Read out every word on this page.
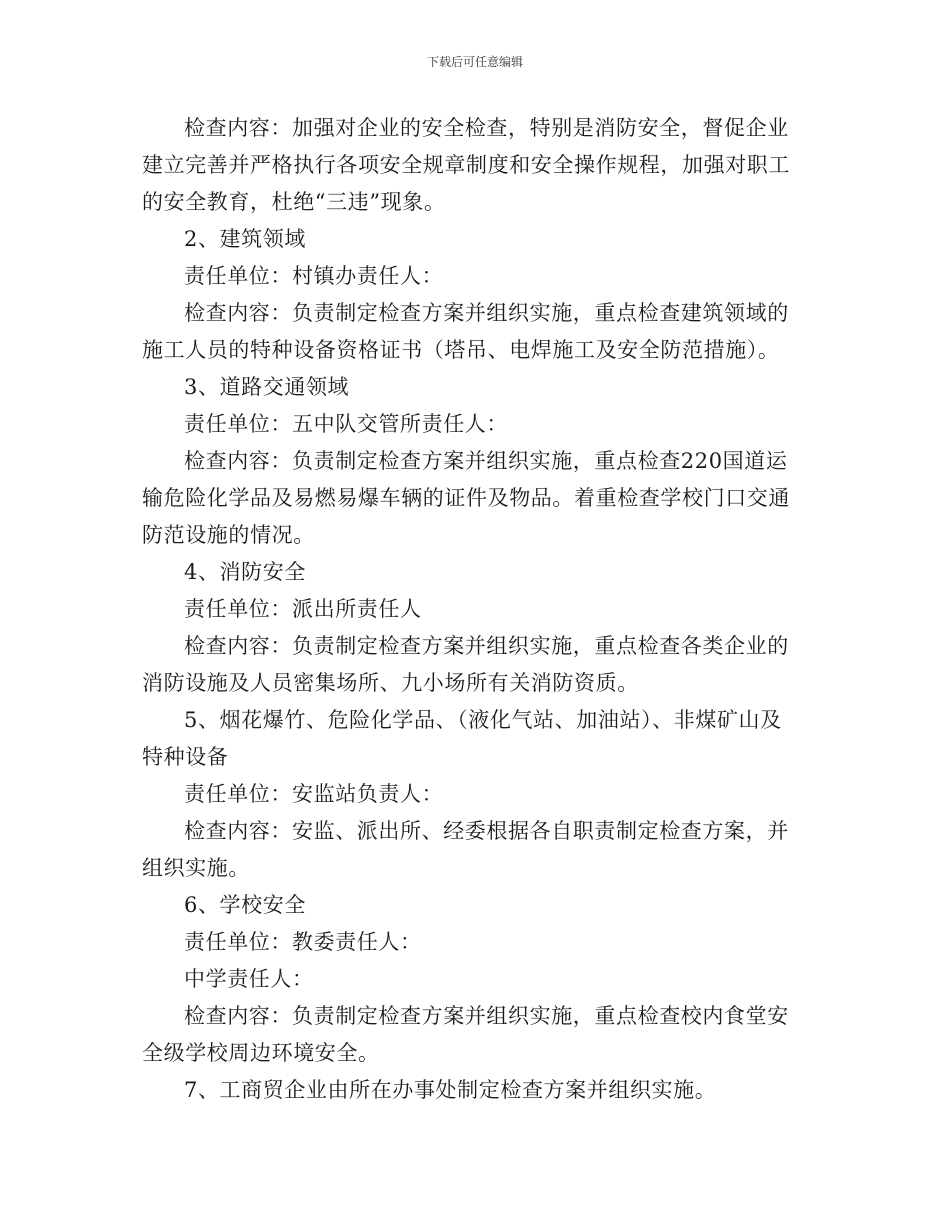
下载后可任意编辑

检查内容：加强对企业的安全检查，特别是消防安全，督促企业

建立完善并严格执行各项安全规章制度和安全操作规程，加强对职工

的安全教育，杜绝“三违”现象。

2、建筑领域

责任单位：村镇办责任人：

检查内容：负责制定检查方案并组织实施，重点检查建筑领域的

施工人员的特种设备资格证书（塔吊、电焊施工及安全防范措施）。

3、道路交通领域

责任单位：五中队交管所责任人：

检查内容：负责制定检查方案并组织实施，重点检查220国道运

输危险化学品及易燃易爆车辆的证件及物品。着重检查学校门口交通

防范设施的情况。

4、消防安全

责任单位：派出所责任人

检查内容：负责制定检查方案并组织实施，重点检查各类企业的

消防设施及人员密集场所、九小场所有关消防资质。

5、烟花爆竹、危险化学品、（液化气站、加油站）、非煤矿山及

特种设备

责任单位：安监站负责人：

检查内容：安监、派出所、经委根据各自职责制定检查方案，并

组织实施。

6、学校安全

责任单位：教委责任人：

中学责任人：

检查内容：负责制定检查方案并组织实施，重点检查校内食堂安

全级学校周边环境安全。

7、工商贸企业由所在办事处制定检查方案并组织实施。
